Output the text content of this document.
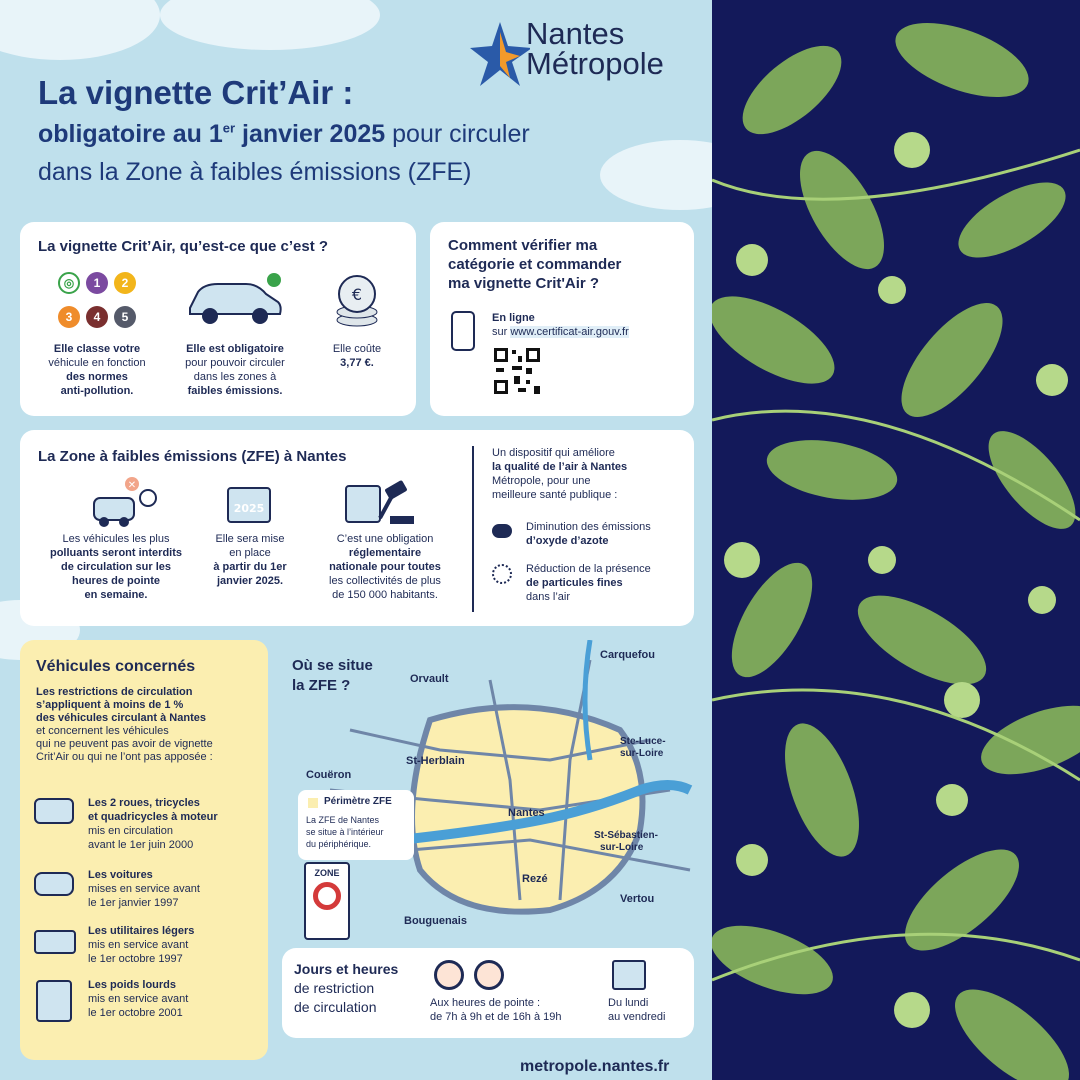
Nantes
Métropole
La vignette Crit’Air :
obligatoire au 1er janvier 2025 pour circuler
dans la Zone à faibles émissions (ZFE)
La vignette Crit’Air, qu’est-ce que c’est ?
◎	1	2
3	4	5
Elle classe votre
véhicule en fonction
des normes
anti-pollution.
Elle est obligatoire
pour pouvoir circuler
dans les zones à
faibles émissions.
€
Elle coûte
3,77 €.
Comment vérifier ma
catégorie et commander
ma vignette Crit'Air ?
En ligne
sur www.certificat-air.gouv.fr
La Zone à faibles émissions (ZFE) à Nantes
✕
Les véhicules les plus
polluants seront interdits
de circulation sur les
heures de pointe
en semaine.
2025
Elle sera mise
en place
à partir du 1er
janvier 2025.
C’est une obligation
réglementaire
nationale pour toutes
les collectivités de plus
de 150 000 habitants.
Un dispositif qui améliore
la qualité de l’air à Nantes
Métropole, pour une
meilleure santé publique :
Diminution des émissions
d’oxyde d’azote
Réduction de la présence
de particules fines
dans l’air
Véhicules concernés
Les restrictions de circulation
s’appliquent à moins de 1 %
des véhicules circulant à Nantes
et concernent les véhicules
qui ne peuvent pas avoir de vignette
Crit’Air ou qui ne l’ont pas apposée :
Les 2 roues, tricycles
et quadricycles à moteur
mis en circulation
avant le 1er juin 2000
Les voitures
mises en service avant
le 1er janvier 1997
Les utilitaires légers
mis en service avant
le 1er octobre 1997
Les poids lourds
mis en service avant
le 1er octobre 2001
Où se situe
la ZFE ?
Carquefou
Orvault
Ste-Luce-
sur-Loire
St-Herblain
Couëron
Nantes
St-Sébastien-
sur-Loire
Rezé
Vertou
Bouguenais
Périmètre ZFE
La ZFE de Nantes
se situe à l’intérieur
du périphérique.
ZONE
Jours et heures
de restriction
de circulation	Aux heures de pointe :
de 7h à 9h et de 16h à 19h
Du lundi
au vendredi
metropole.nantes.fr
